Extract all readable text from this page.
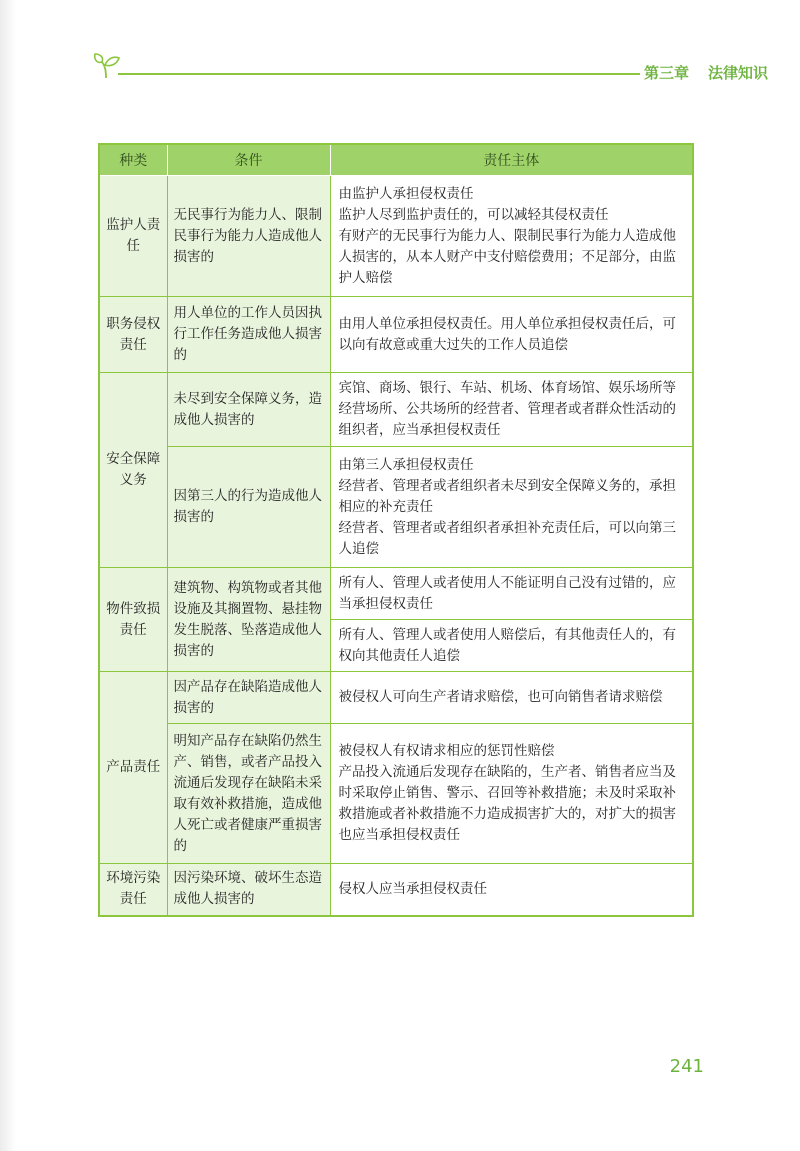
第三章	法律知识
种类	条件	责任主体
监护人责任	无民事行为能力人、限制民事行为能力人造成他人损害的	由监护人承担侵权责任
监护人尽到监护责任的，可以减轻其侵权责任
有财产的无民事行为能力人、限制民事行为能力人造成他人损害的，从本人财产中支付赔偿费用；不足部分，由监护人赔偿

职务侵权责任	用人单位的工作人员因执行工作任务造成他人损害的	由用人单位承担侵权责任。用人单位承担侵权责任后，可以向有故意或重大过失的工作人员追偿
安全保障义务	未尽到安全保障义务，造成他人损害的	宾馆、商场、银行、车站、机场、体育场馆、娱乐场所等经营场所、公共场所的经营者、管理者或者群众性活动的组织者，应当承担侵权责任
	因第三人的行为造成他人损害的	由第三人承担侵权责任
经营者、管理者或者组织者未尽到安全保障义务的，承担相应的补充责任
经营者、管理者或者组织者承担补充责任后，可以向第三人追偿

物件致损责任	建筑物、构筑物或者其他设施及其搁置物、悬挂物发生脱落、坠落造成他人损害的	所有人、管理人或者使用人不能证明自己没有过错的，应当承担侵权责任
		所有人、管理人或者使用人赔偿后，有其他责任人的，有权向其他责任人追偿
产品责任	因产品存在缺陷造成他人损害的	被侵权人可向生产者请求赔偿，也可向销售者请求赔偿
	明知产品存在缺陷仍然生产、销售，或者产品投入流通后发现存在缺陷未采取有效补救措施，造成他人死亡或者健康严重损害的	被侵权人有权请求相应的惩罚性赔偿
产品投入流通后发现存在缺陷的，生产者、销售者应当及时采取停止销售、警示、召回等补救措施；未及时采取补救措施或者补救措施不力造成损害扩大的，对扩大的损害也应当承担侵权责任

环境污染责任	因污染环境、破坏生态造成他人损害的	侵权人应当承担侵权责任
241
